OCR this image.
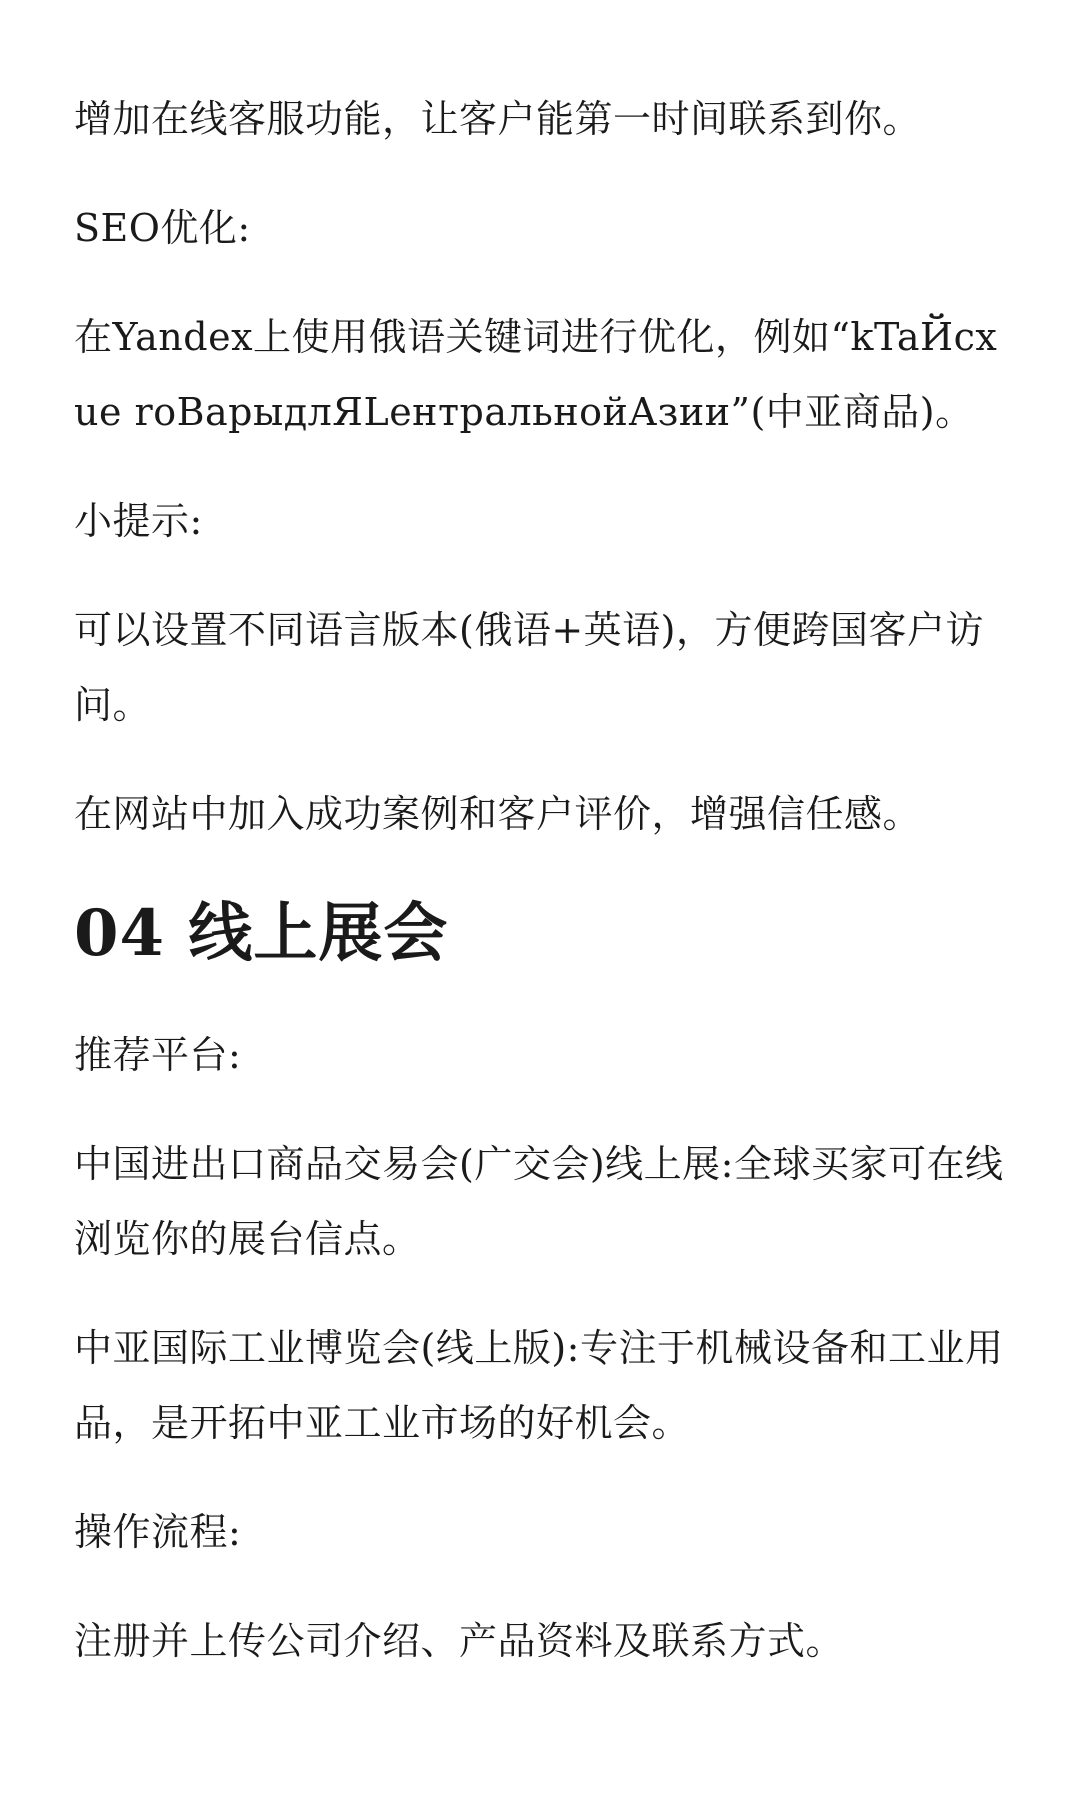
增加在线客服功能，让客户能第一时间联系到你。

SEO优化:

在Yandex上使用俄语关键词进行优化，例如“kTaЙcxue roВарыдлЯLентральнойАзии”(中亚商品)。

小提示:

可以设置不同语言版本(俄语+英语)，方便跨国客户访问。

在网站中加入成功案例和客户评价，增强信任感。

04 线上展会

推荐平台:

中国进出口商品交易会(广交会)线上展:全球买家可在线浏览你的展台信点。

中亚国际工业博览会(线上版):专注于机械设备和工业用品，是开拓中亚工业市场的好机会。

操作流程:

注册并上传公司介绍、产品资料及联系方式。
